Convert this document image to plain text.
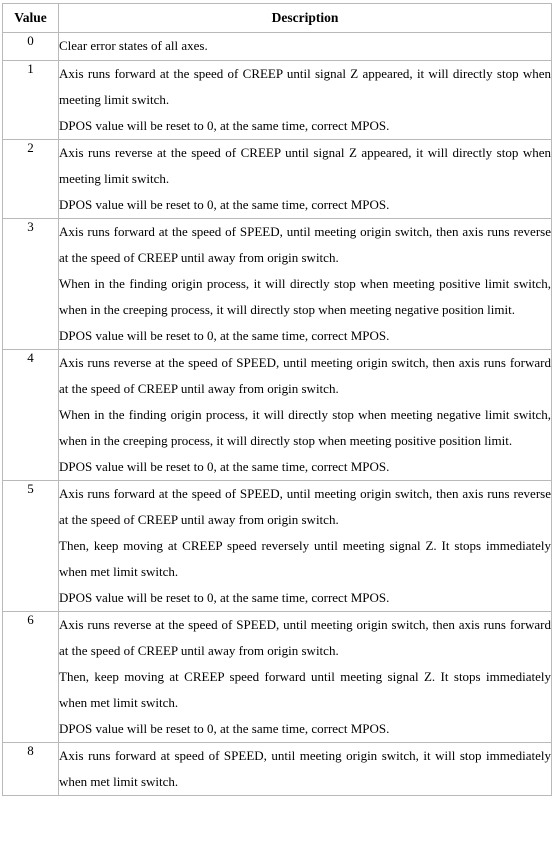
Value	Description
0	Clear error states of all axes.

1	Axis runs forward at the speed of CREEP until signal Z appeared, it will directly stop when meeting limit switch.

DPOS value will be reset to 0, at the same time, correct MPOS.

2	Axis runs reverse at the speed of CREEP until signal Z appeared, it will directly stop when meeting limit switch.

DPOS value will be reset to 0, at the same time, correct MPOS.

3	Axis runs forward at the speed of SPEED, until meeting origin switch, then axis runs reverse at the speed of CREEP until away from origin switch.

When in the finding origin process, it will directly stop when meeting positive limit switch, when in the creeping process, it will directly stop when meeting negative position limit.

DPOS value will be reset to 0, at the same time, correct MPOS.

4	Axis runs reverse at the speed of SPEED, until meeting origin switch, then axis runs forward at the speed of CREEP until away from origin switch.

When in the finding origin process, it will directly stop when meeting negative limit switch, when in the creeping process, it will directly stop when meeting positive position limit.

DPOS value will be reset to 0, at the same time, correct MPOS.

5	Axis runs forward at the speed of SPEED, until meeting origin switch, then axis runs reverse at the speed of CREEP until away from origin switch.

Then, keep moving at CREEP speed reversely until meeting signal Z. It stops immediately when met limit switch.

DPOS value will be reset to 0, at the same time, correct MPOS.

6	Axis runs reverse at the speed of SPEED, until meeting origin switch, then axis runs forward at the speed of CREEP until away from origin switch.

Then, keep moving at CREEP speed forward until meeting signal Z. It stops immediately when met limit switch.

DPOS value will be reset to 0, at the same time, correct MPOS.

8	Axis runs forward at speed of SPEED, until meeting origin switch, it will stop immediately when met limit switch.
